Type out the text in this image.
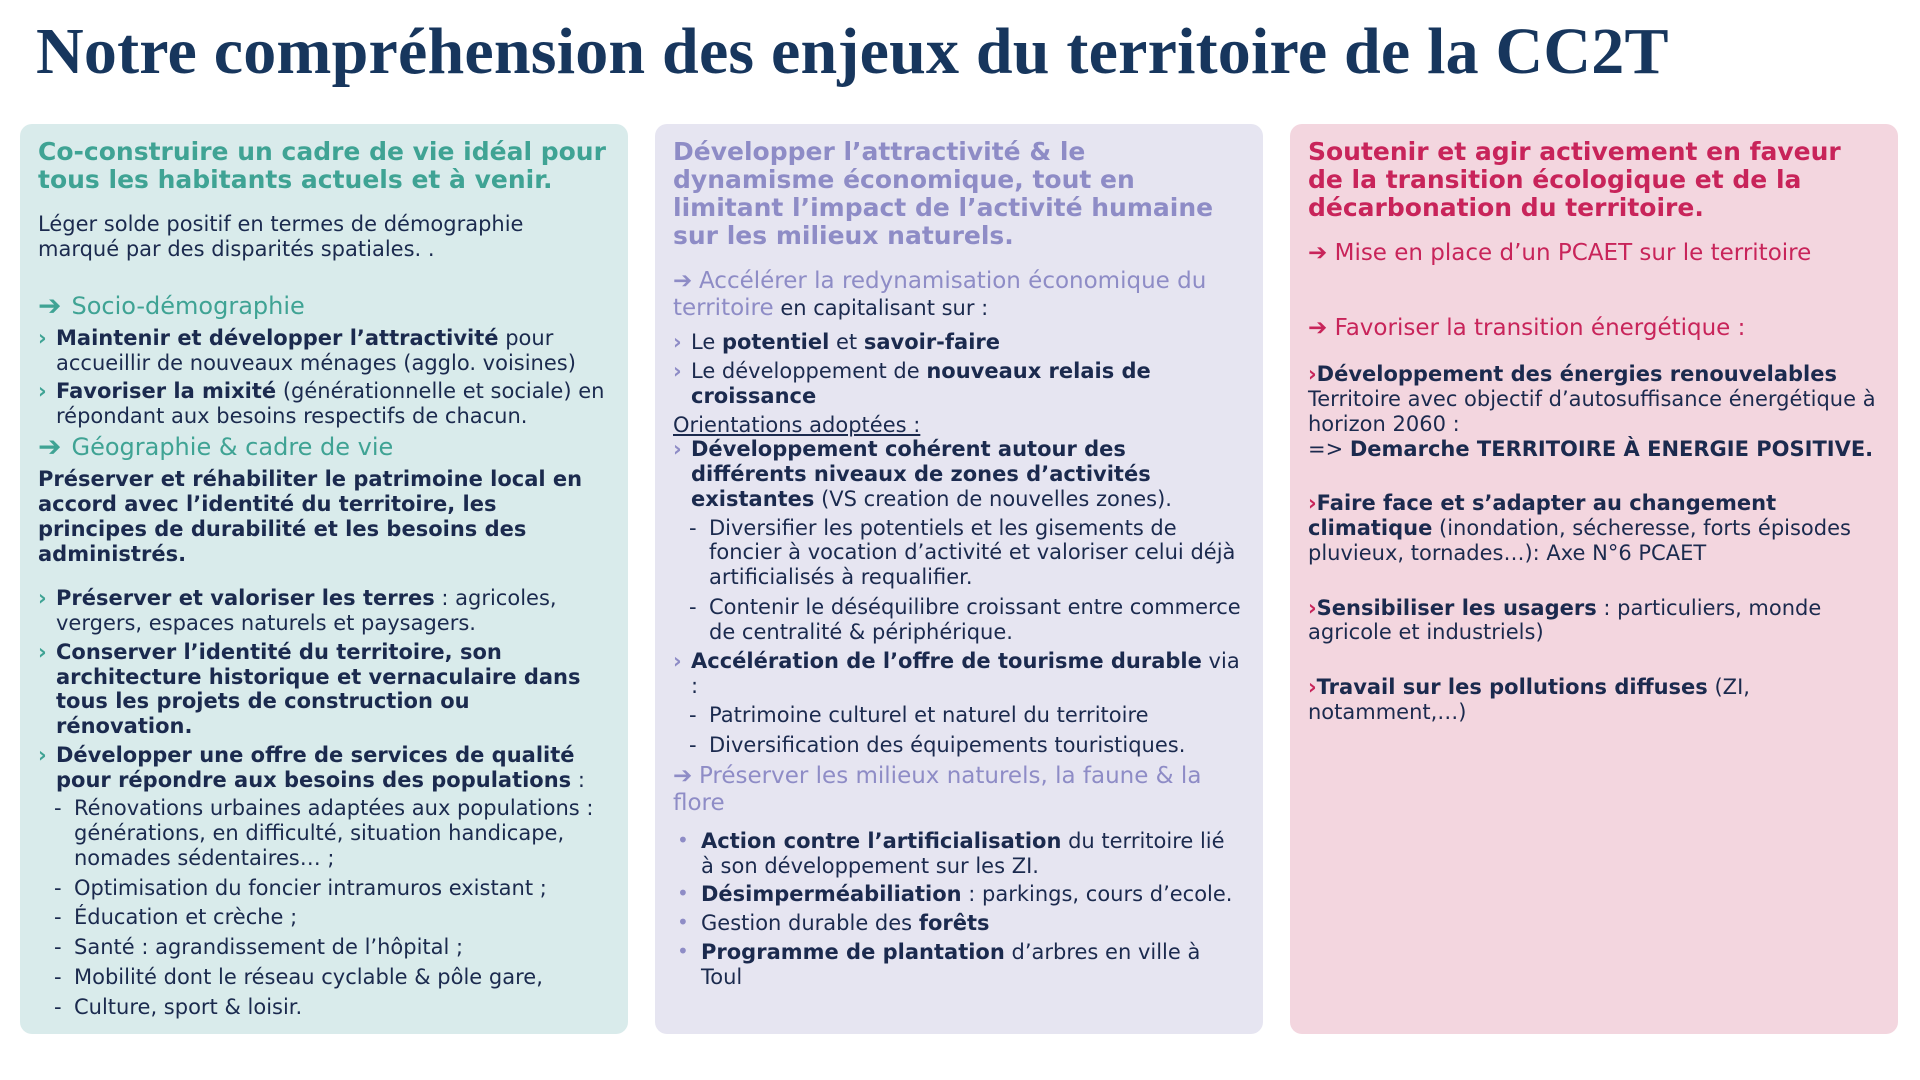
Notre compréhension des enjeux du territoire de la CC2T
Co-construire un cadre de vie idéal pour tous les habitants actuels et à venir.
Léger solde positif en termes de démographie marqué par des disparités spatiales. .
➔ Socio-démographie
› Maintenir et développer l’attractivité pour accueillir de nouveaux ménages (agglo. voisines)
› Favoriser la mixité (générationnelle et sociale) en répondant aux besoins respectifs de chacun.
➔ Géographie & cadre de vie
Préserver et réhabiliter le patrimoine local en accord avec l’identité du territoire, les principes de durabilité et les besoins des administrés.
› Préserver et valoriser les terres : agricoles, vergers, espaces naturels et paysagers.
› Conserver l’identité du territoire, son architecture historique et vernaculaire dans tous les projets de construction ou rénovation.
› Développer une offre de services de qualité pour répondre aux besoins des populations :
- Rénovations urbaines adaptées aux populations : générations, en difficulté, situation handicape, nomades sédentaires… ;
- Optimisation du foncier intramuros existant ;
- Éducation et crèche ;
- Santé : agrandissement de l’hôpital ;
- Mobilité dont le réseau cyclable & pôle gare,
- Culture, sport & loisir.
Développer l’attractivité & le dynamisme économique, tout en limitant l’impact de l’activité humaine sur les milieux naturels.
➔ Accélérer la redynamisation économique du territoire en capitalisant sur :
› Le potentiel et savoir-faire
› Le développement de nouveaux relais de croissance
Orientations adoptées :
› Développement cohérent autour des différents niveaux de zones d’activités existantes (VS creation de nouvelles zones).
- Diversifier les potentiels et les gisements de foncier à vocation d’activité et valoriser celui déjà artificialisés à requalifier.
- Contenir le déséquilibre croissant entre commerce de centralité & périphérique.
› Accélération de l’offre de tourisme durable via :
- Patrimoine culturel et naturel du territoire
- Diversification des équipements touristiques.
➔ Préserver les milieux naturels, la faune & la flore
• Action contre l’artificialisation du territoire lié à son développement sur les ZI.
• Désimperméabiliation : parkings, cours d’ecole.
• Gestion durable des forêts
• Programme de plantation d’arbres en ville à Toul
Soutenir et agir activement en faveur de la transition écologique et de la décarbonation du territoire.
➔ Mise en place d’un PCAET sur le territoire
➔ Favoriser la transition énergétique :
›Développement des énergies renouvelables
Territoire avec objectif d’autosuffisance énergétique à horizon 2060 :
=> Demarche TERRITOIRE À ENERGIE POSITIVE.
›Faire face et s’adapter au changement climatique (inondation, sécheresse, forts épisodes pluvieux, tornades…): Axe N°6 PCAET
›Sensibiliser les usagers : particuliers, monde agricole et industriels)
›Travail sur les pollutions diffuses (ZI, notamment,…)
